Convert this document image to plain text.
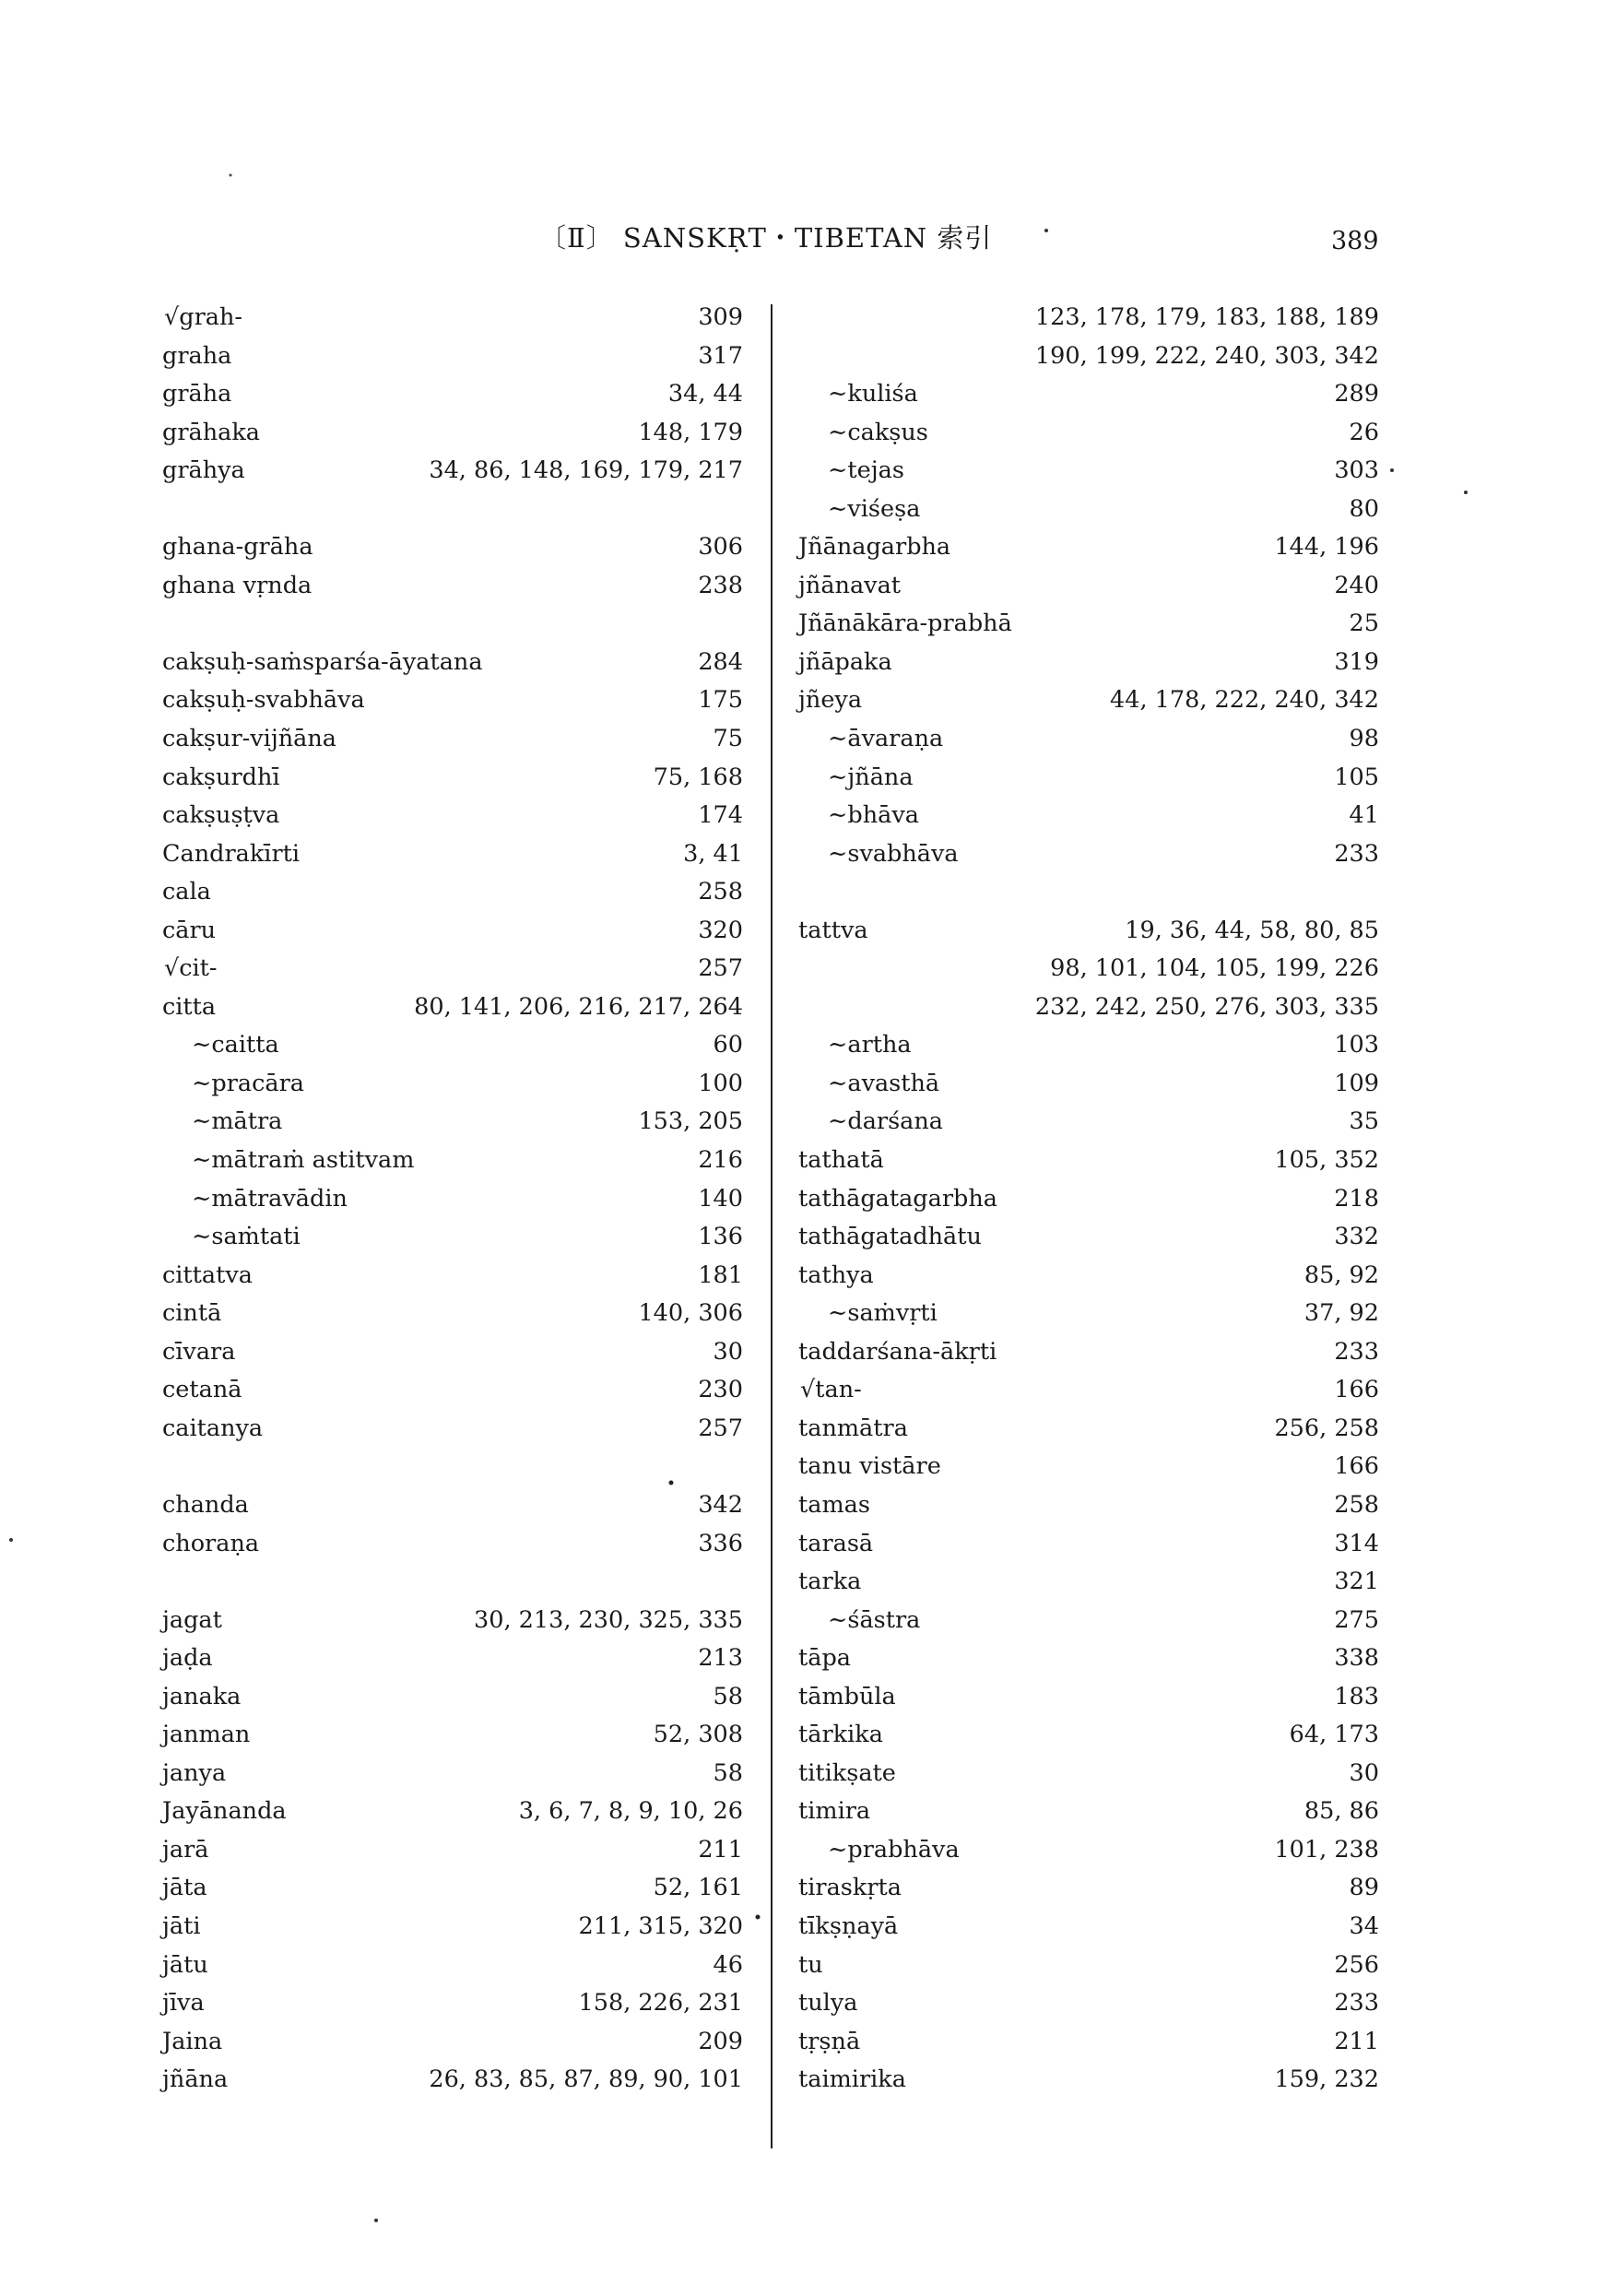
〔Ⅱ〕 SANSKṚT・TIBETAN 索引	389
√grah-	309
graha	317
grāha	34, 44
grāhaka	148, 179
grāhya	34, 86, 148, 169, 179, 217
ghana-grāha	306
ghana vṛnda	238
cakṣuḥ-saṁsparśa-āyatana	284
cakṣuḥ-svabhāva	175
cakṣur-vijñāna	75
cakṣurdhī	75, 168
cakṣuṣṭva	174
Candrakīrti	3, 41
cala	258
cāru	320
√cit-	257
citta	80, 141, 206, 216, 217, 264
∼caitta	60
∼pracāra	100
∼mātra	153, 205
∼mātraṁ astitvam	216
∼mātravādin	140
∼saṁtati	136
cittatva	181
cintā	140, 306
cīvara	30
cetanā	230
caitanya	257
chanda	342
choraṇa	336
jagat	30, 213, 230, 325, 335
jaḍa	213
janaka	58
janman	52, 308
janya	58
Jayānanda	3, 6, 7, 8, 9, 10, 26
jarā	211
jāta	52, 161
jāti	211, 315, 320
jātu	46
jīva	158, 226, 231
Jaina	209
jñāna	26, 83, 85, 87, 89, 90, 101
123, 178, 179, 183, 188, 189
190, 199, 222, 240, 303, 342
∼kuliśa	289
∼cakṣus	26
∼tejas	303
∼viśeṣa	80
Jñānagarbha	144, 196
jñānavat	240
Jñānākāra-prabhā	25
jñāpaka	319
jñeya	44, 178, 222, 240, 342
∼āvaraṇa	98
∼jñāna	105
∼bhāva	41
∼svabhāva	233
tattva	19, 36, 44, 58, 80, 85
98, 101, 104, 105, 199, 226
232, 242, 250, 276, 303, 335
∼artha	103
∼avasthā	109
∼darśana	35
tathatā	105, 352
tathāgatagarbha	218
tathāgatadhātu	332
tathya	85, 92
∼saṁvṛti	37, 92
taddarśana-ākṛti	233
√tan-	166
tanmātra	256, 258
tanu vistāre	166
tamas	258
tarasā	314
tarka	321
∼śāstra	275
tāpa	338
tāmbūla	183
tārkika	64, 173
titikṣate	30
timira	85, 86
∼prabhāva	101, 238
tiraskṛta	89
tīkṣṇayā	34
tu	256
tulya	233
tṛṣṇā	211
taimirika	159, 232
